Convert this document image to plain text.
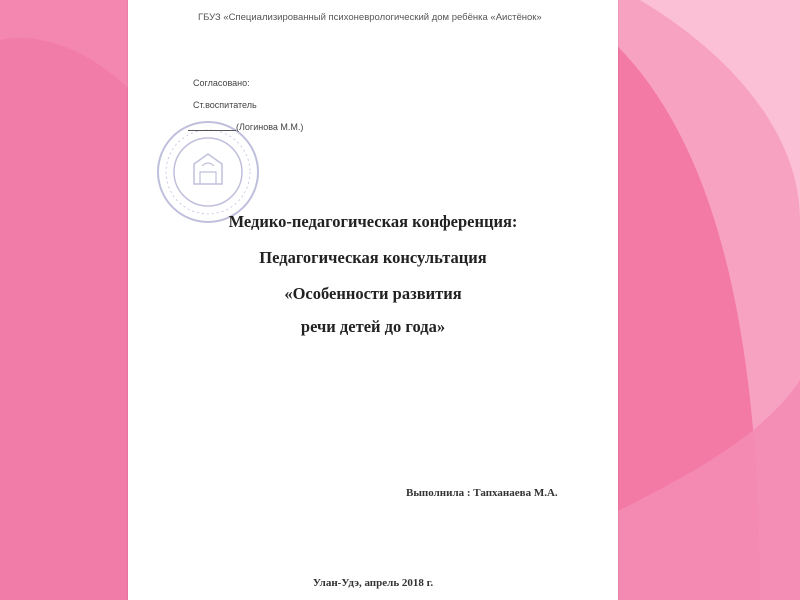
ГБУЗ «Специализированный психоневрологический дом ребёнка «Аистёнок»
Согласовано:
Ст.воспитатель
(Логинова М.М.)
Медико-педагогическая конференция:
Педагогическая консультация
«Особенности развития
речи детей до года»
Выполнила : Тапханаева М.А.
Улан-Удэ, апрель 2018 г.
